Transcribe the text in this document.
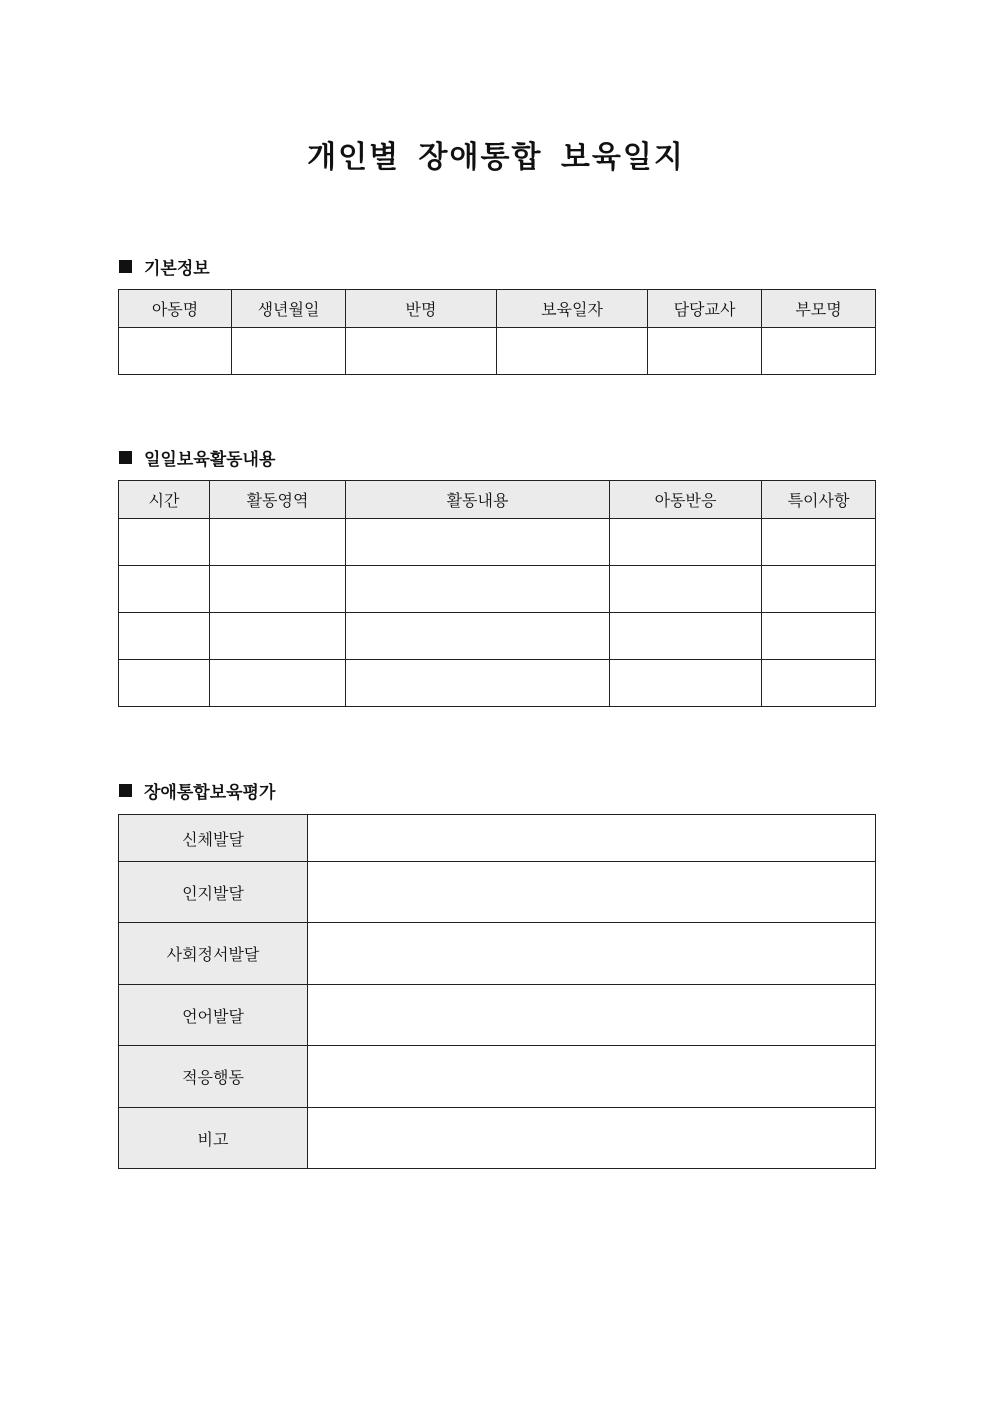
개인별 장애통합 보육일지
기본정보
아동명	생년월일	반명	보육일자	담당교사	부모명

일일보육활동내용
시간	활동영역	활동내용	아동반응	특이사항

장애통합보육평가
신체발달	
인지발달	
사회정서발달	
언어발달	
적응행동	
비고	
